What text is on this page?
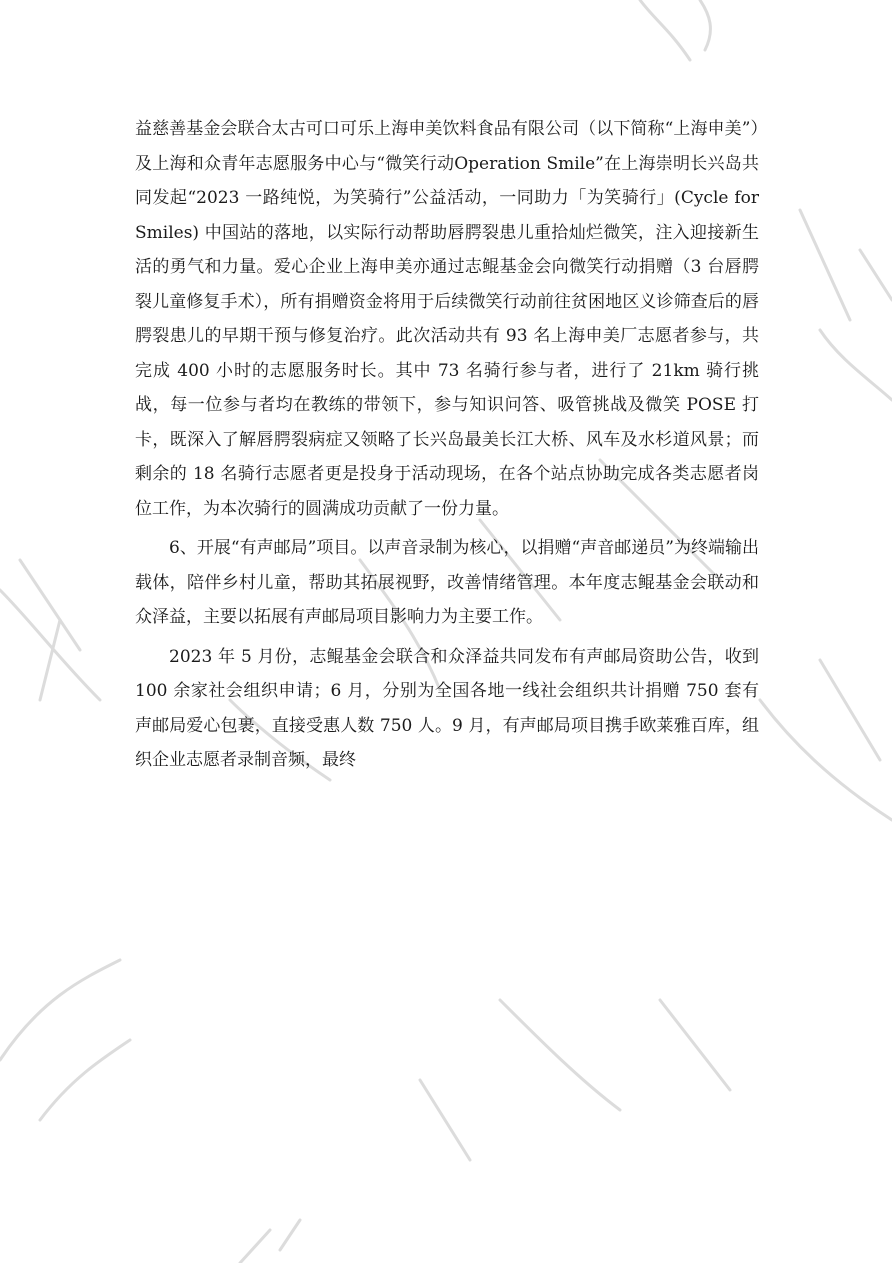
益慈善基金会联合太古可口可乐上海申美饮料食品有限公司（以下简称“上海申美”）及上海和众青年志愿服务中心与“微笑行动Operation Smile”在上海崇明长兴岛共同发起“2023 一路纯悦，为笑骑行”公益活动，一同助力「为笑骑行」(Cycle for Smiles) 中国站的落地，以实际行动帮助唇腭裂患儿重拾灿烂微笑，注入迎接新生活的勇气和力量。爱心企业上海申美亦通过志鲲基金会向微笑行动捐赠（3 台唇腭裂儿童修复手术），所有捐赠资金将用于后续微笑行动前往贫困地区义诊筛查后的唇腭裂患儿的早期干预与修复治疗。此次活动共有 93 名上海申美厂志愿者参与，共完成 400 小时的志愿服务时长。其中 73 名骑行参与者，进行了 21km 骑行挑战，每一位参与者均在教练的带领下，参与知识问答、吸管挑战及微笑 POSE 打卡，既深入了解唇腭裂病症又领略了长兴岛最美长江大桥、风车及水杉道风景；而剩余的 18 名骑行志愿者更是投身于活动现场，在各个站点协助完成各类志愿者岗位工作，为本次骑行的圆满成功贡献了一份力量。

6、开展“有声邮局”项目。以声音录制为核心，以捐赠“声音邮递员”为终端输出载体，陪伴乡村儿童，帮助其拓展视野，改善情绪管理。本年度志鲲基金会联动和众泽益，主要以拓展有声邮局项目影响力为主要工作。

2023 年 5 月份，志鲲基金会联合和众泽益共同发布有声邮局资助公告，收到 100 余家社会组织申请；6 月，分别为全国各地一线社会组织共计捐赠 750 套有声邮局爱心包裹，直接受惠人数 750 人。9 月，有声邮局项目携手欧莱雅百库，组织企业志愿者录制音频，最终
